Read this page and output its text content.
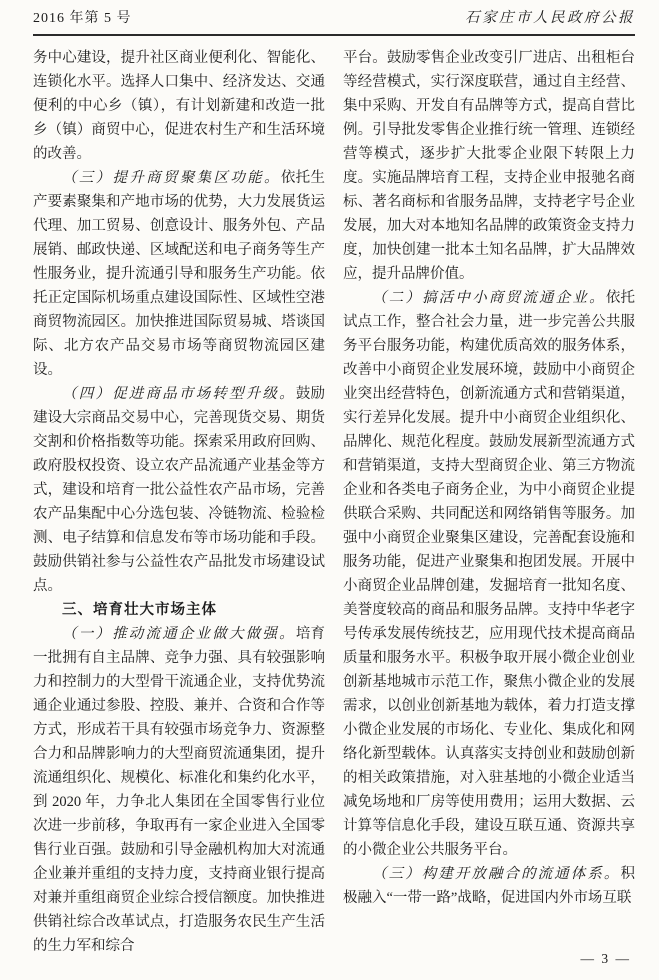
2016 年第 5 号	石家庄市人民政府公报

务中心建设，提升社区商业便利化、智能化、连锁化水平。选择人口集中、经济发达、交通便利的中心乡（镇），有计划新建和改造一批乡（镇）商贸中心，促进农村生产和生活环境的改善。

（三）提升商贸聚集区功能。依托生产要素聚集和产地市场的优势，大力发展货运代理、加工贸易、创意设计、服务外包、产品展销、邮政快递、区域配送和电子商务等生产性服务业，提升流通引导和服务生产功能。依托正定国际机场重点建设国际性、区域性空港商贸物流园区。加快推进国际贸易城、塔谈国际、北方农产品交易市场等商贸物流园区建设。

（四）促进商品市场转型升级。鼓励建设大宗商品交易中心，完善现货交易、期货交割和价格指数等功能。探索采用政府回购、政府股权投资、设立农产品流通产业基金等方式，建设和培育一批公益性农产品市场，完善农产品集配中心分选包装、冷链物流、检验检测、电子结算和信息发布等市场功能和手段。鼓励供销社参与公益性农产品批发市场建设试点。

三、培育壮大市场主体

（一）推动流通企业做大做强。培育一批拥有自主品牌、竞争力强、具有较强影响力和控制力的大型骨干流通企业，支持优势流通企业通过参股、控股、兼并、合资和合作等方式，形成若干具有较强市场竞争力、资源整合力和品牌影响力的大型商贸流通集团，提升流通组织化、规模化、标准化和集约化水平，到 2020 年，力争北人集团在全国零售行业位次进一步前移，争取再有一家企业进入全国零售行业百强。鼓励和引导金融机构加大对流通企业兼并重组的支持力度，支持商业银行提高对兼并重组商贸企业综合授信额度。加快推进供销社综合改革试点，打造服务农民生产生活的生力军和综合

平台。鼓励零售企业改变引厂进店、出租柜台等经营模式，实行深度联营，通过自主经营、集中采购、开发自有品牌等方式，提高自营比例。引导批发零售企业推行统一管理、连锁经营等模式，逐步扩大批零企业限下转限上力度。实施品牌培育工程，支持企业申报驰名商标、著名商标和省服务品牌，支持老字号企业发展，加大对本地知名品牌的政策资金支持力度，加快创建一批本土知名品牌，扩大品牌效应，提升品牌价值。

（二）搞活中小商贸流通企业。依托试点工作，整合社会力量，进一步完善公共服务平台服务功能，构建优质高效的服务体系，改善中小商贸企业发展环境，鼓励中小商贸企业突出经营特色，创新流通方式和营销渠道，实行差异化发展。提升中小商贸企业组织化、品牌化、规范化程度。鼓励发展新型流通方式和营销渠道，支持大型商贸企业、第三方物流企业和各类电子商务企业，为中小商贸企业提供联合采购、共同配送和网络销售等服务。加强中小商贸企业聚集区建设，完善配套设施和服务功能，促进产业聚集和抱团发展。开展中小商贸企业品牌创建，发掘培育一批知名度、美誉度较高的商品和服务品牌。支持中华老字号传承发展传统技艺，应用现代技术提高商品质量和服务水平。积极争取开展小微企业创业创新基地城市示范工作，聚焦小微企业的发展需求，以创业创新基地为载体，着力打造支撑小微企业发展的市场化、专业化、集成化和网络化新型载体。认真落实支持创业和鼓励创新的相关政策措施，对入驻基地的小微企业适当减免场地和厂房等使用费用；运用大数据、云计算等信息化手段，建设互联互通、资源共享的小微企业公共服务平台。

（三）构建开放融合的流通体系。积极融入“一带一路”战略，促进国内外市场互联

— 3 —
